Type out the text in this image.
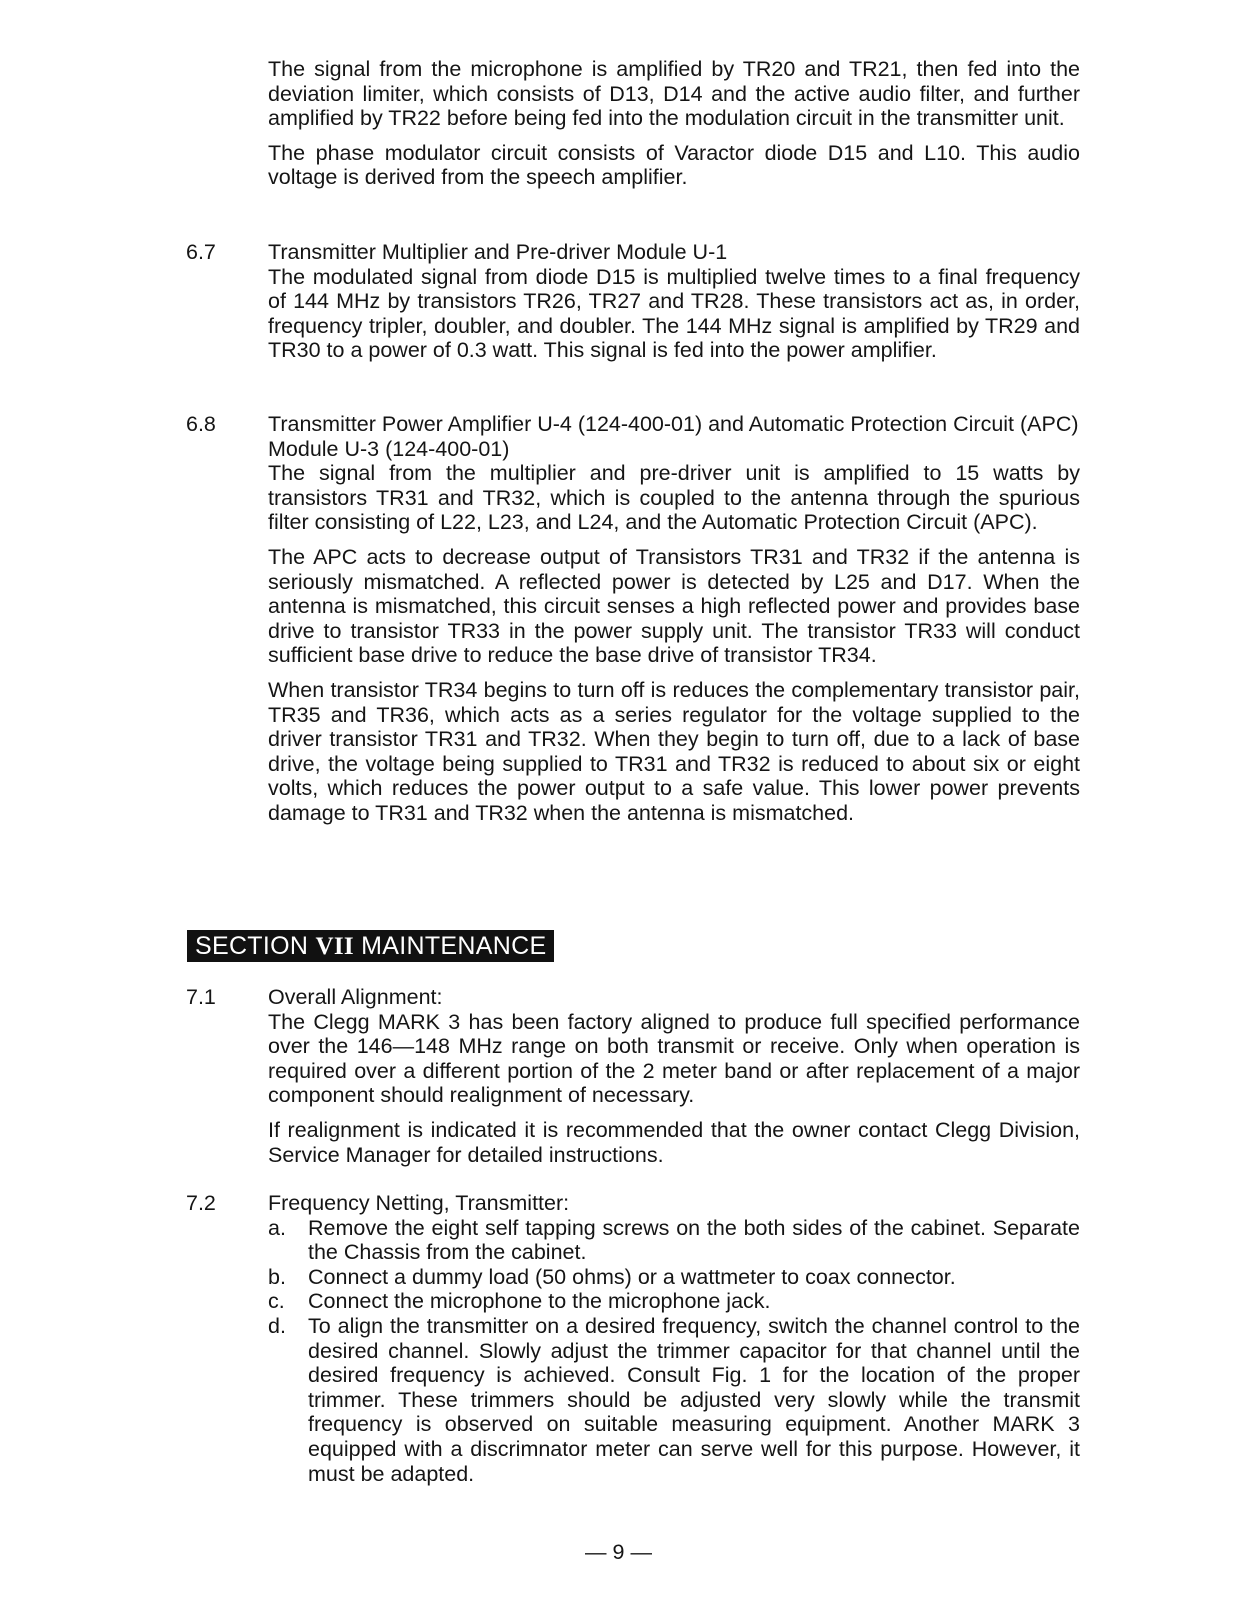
The signal from the microphone is amplified by TR20 and TR21, then fed into the deviation limiter, which consists of D13, D14 and the active audio filter, and further amplified by TR22 before being fed into the modulation circuit in the transmitter unit.

The phase modulator circuit consists of Varactor diode D15 and L10. This audio voltage is derived from the speech amplifier.

6.7	Transmitter Multiplier and Pre-driver Module U-1

The modulated signal from diode D15 is multiplied twelve times to a final frequency of 144 MHz by transistors TR26, TR27 and TR28. These transistors act as, in order, frequency tripler, doubler, and doubler. The 144 MHz signal is amplified by TR29 and TR30 to a power of 0.3 watt. This signal is fed into the power amplifier.

6.8	Transmitter Power Amplifier U-4 (124-400-01) and Automatic Protection Circuit (APC) Module U-3 (124-400-01)

The signal from the multiplier and pre-driver unit is amplified to 15 watts by transistors TR31 and TR32, which is coupled to the antenna through the spurious filter consisting of L22, L23, and L24, and the Automatic Protection Circuit (APC).

The APC acts to decrease output of Transistors TR31 and TR32 if the antenna is seriously mismatched. A reflected power is detected by L25 and D17. When the antenna is mismatched, this circuit senses a high reflected power and provides base drive to transistor TR33 in the power supply unit. The transistor TR33 will conduct sufficient base drive to reduce the base drive of transistor TR34.

When transistor TR34 begins to turn off is reduces the complementary transistor pair, TR35 and TR36, which acts as a series regulator for the voltage supplied to the driver transistor TR31 and TR32. When they begin to turn off, due to a lack of base drive, the voltage being supplied to TR31 and TR32 is reduced to about six or eight volts, which reduces the power output to a safe value. This lower power prevents damage to TR31 and TR32 when the antenna is mismatched.

SECTION VII MAINTENANCE
7.1	Overall Alignment:

The Clegg MARK 3 has been factory aligned to produce full specified performance over the 146—148 MHz range on both transmit or receive. Only when operation is required over a different portion of the 2 meter band or after replacement of a major component should realignment of necessary.

If realignment is indicated it is recommended that the owner contact Clegg Division, Service Manager for detailed instructions.

7.2	Frequency Netting, Transmitter:

a. Remove the eight self tapping screws on the both sides of the cabinet. Separate the Chassis from the cabinet.
b. Connect a dummy load (50 ohms) or a wattmeter to coax connector.
c. Connect the microphone to the microphone jack.
d. To align the transmitter on a desired frequency, switch the channel control to the desired channel. Slowly adjust the trimmer capacitor for that channel until the desired frequency is achieved. Consult Fig. 1 for the location of the proper trimmer. These trimmers should be adjusted very slowly while the transmit frequency is observed on suitable measuring equipment. Another MARK 3 equipped with a discrimnator meter can serve well for this purpose. However, it must be adapted.
— 9 —
